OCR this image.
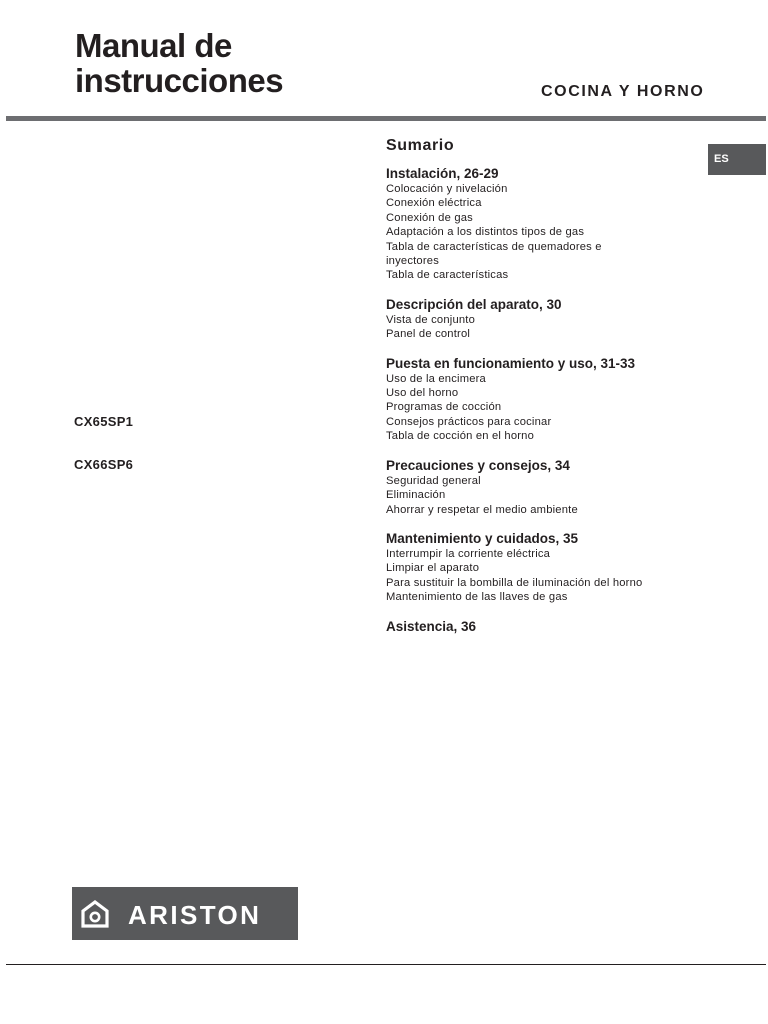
Manual de
instrucciones	COCINA Y HORNO
ES
CX65SP1
CX66SP6
Sumario
Instalación, 26-29
Colocación y nivelación
Conexión eléctrica
Conexión de gas
Adaptación a los distintos tipos de gas
Tabla de características de quemadores e
inyectores
Tabla de características
Descripción del aparato, 30
Vista de conjunto
Panel de control
Puesta en funcionamiento y uso, 31-33
Uso de la encimera
Uso del horno
Programas de cocción
Consejos prácticos para cocinar
Tabla de cocción en el horno
Precauciones y consejos, 34
Seguridad general
Eliminación
Ahorrar y respetar el medio ambiente
Mantenimiento y cuidados, 35
Interrumpir la corriente eléctrica
Limpiar el aparato
Para sustituir la bombilla de iluminación del horno
Mantenimiento de las llaves de gas
Asistencia, 36
ARISTON
